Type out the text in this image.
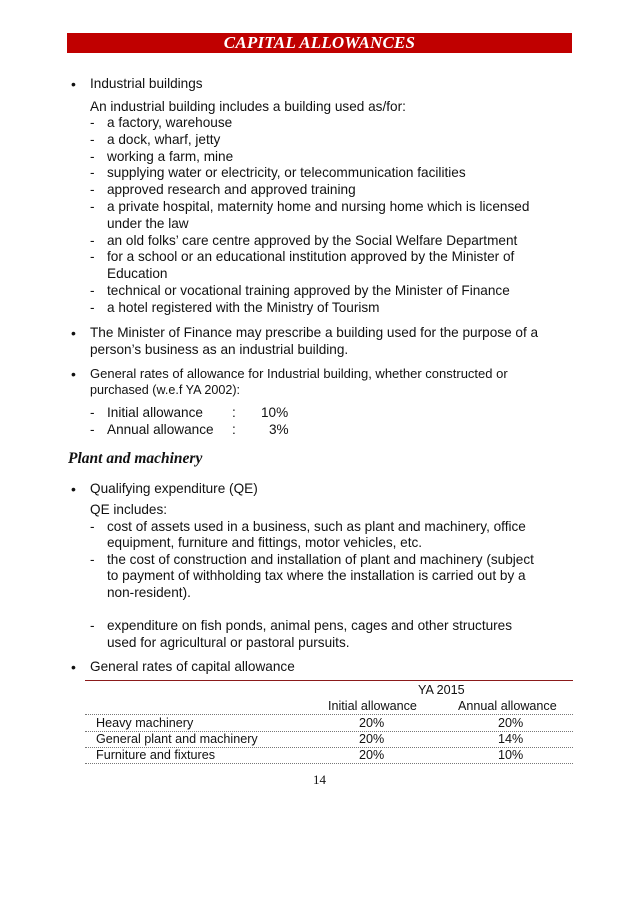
CAPITAL ALLOWANCES
•
Industrial buildings
An industrial building includes a building used as/for:
- a factory, warehouse
- a dock, wharf, jetty
- working a farm, mine
- supplying water or electricity, or telecommunication facilities
- approved research and approved training
- a private hospital, maternity home and nursing home which is licensed
under the law
- an old folks’ care centre approved by the Social Welfare Department
- for a school or an educational institution approved by the Minister of
Education
- technical or vocational training approved by the Minister of Finance
- a hotel registered with the Ministry of Tourism
•
The Minister of Finance may prescribe a building used for the purpose of a
person’s business as an industrial building.
•
General rates of allowance for Industrial building, whether constructed or
purchased (w.e.f YA 2002):
- Initial allowance : 10%
- Annual allowance : 3%
Plant and machinery
•
Qualifying expenditure (QE)
QE includes:
- cost of assets used in a business, such as plant and machinery, office
equipment, furniture and fittings, motor vehicles, etc.
- the cost of construction and installation of plant and machinery (subject
to payment of withholding tax where the installation is carried out by a
non-resident).
- expenditure on fish ponds, animal pens, cages and other structures
used for agricultural or pastoral pursuits.
•
General rates of capital allowance
YA 2015
Initial allowance	Annual allowance
Heavy machinery	20%	20%
General plant and machinery	20%	14%
Furniture and fixtures	20%	10%
14
